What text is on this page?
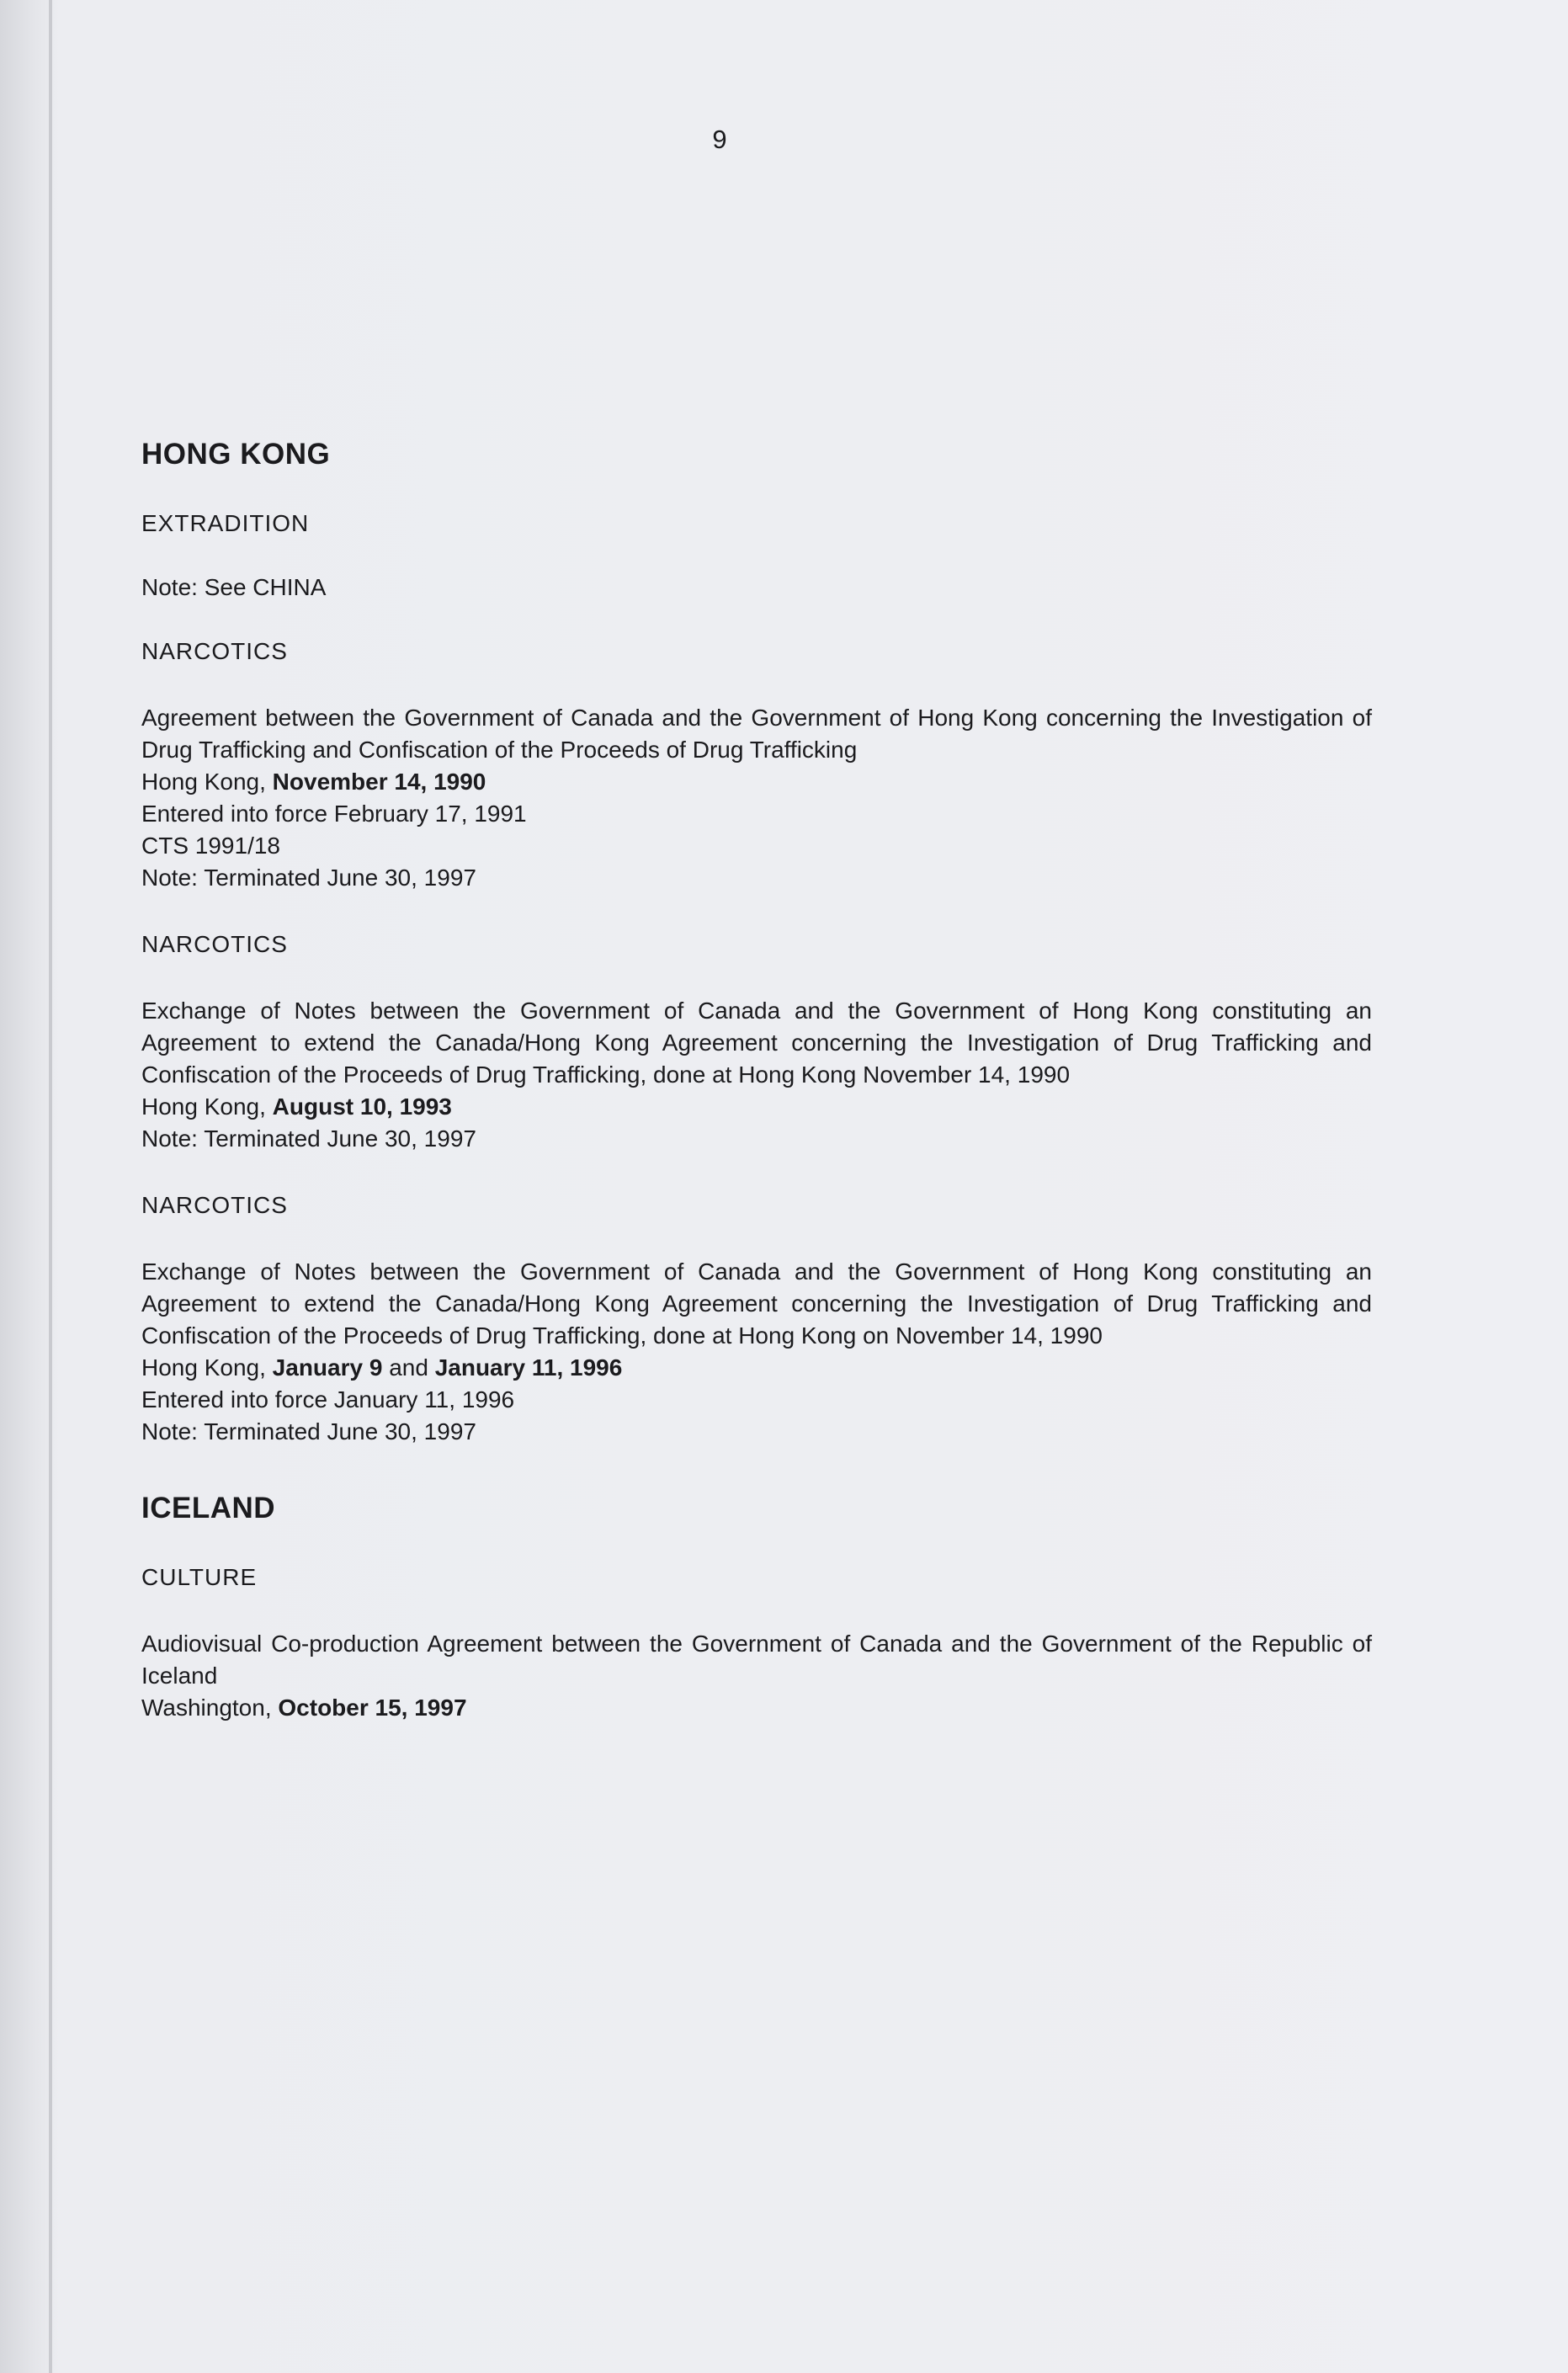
9
HONG KONG
EXTRADITION
Note: See CHINA
NARCOTICS
Agreement between the Government of Canada and the Government of Hong Kong concerning the Investigation of Drug Trafficking and Confiscation of the Proceeds of Drug Trafficking
Hong Kong, November 14, 1990
Entered into force February 17, 1991
CTS 1991/18
Note: Terminated June 30, 1997
NARCOTICS
Exchange of Notes between the Government of Canada and the Government of Hong Kong constituting an Agreement to extend the Canada/Hong Kong Agreement concerning the Investigation of Drug Trafficking and Confiscation of the Proceeds of Drug Trafficking, done at Hong Kong November 14, 1990
Hong Kong, August 10, 1993
Note: Terminated June 30, 1997
NARCOTICS
Exchange of Notes between the Government of Canada and the Government of Hong Kong constituting an Agreement to extend the Canada/Hong Kong Agreement concerning the Investigation of Drug Trafficking and Confiscation of the Proceeds of Drug Trafficking, done at Hong Kong on November 14, 1990
Hong Kong, January 9 and January 11, 1996
Entered into force January 11, 1996
Note: Terminated June 30, 1997
ICELAND
CULTURE
Audiovisual Co-production Agreement between the Government of Canada and the Government of the Republic of Iceland
Washington, October 15, 1997
